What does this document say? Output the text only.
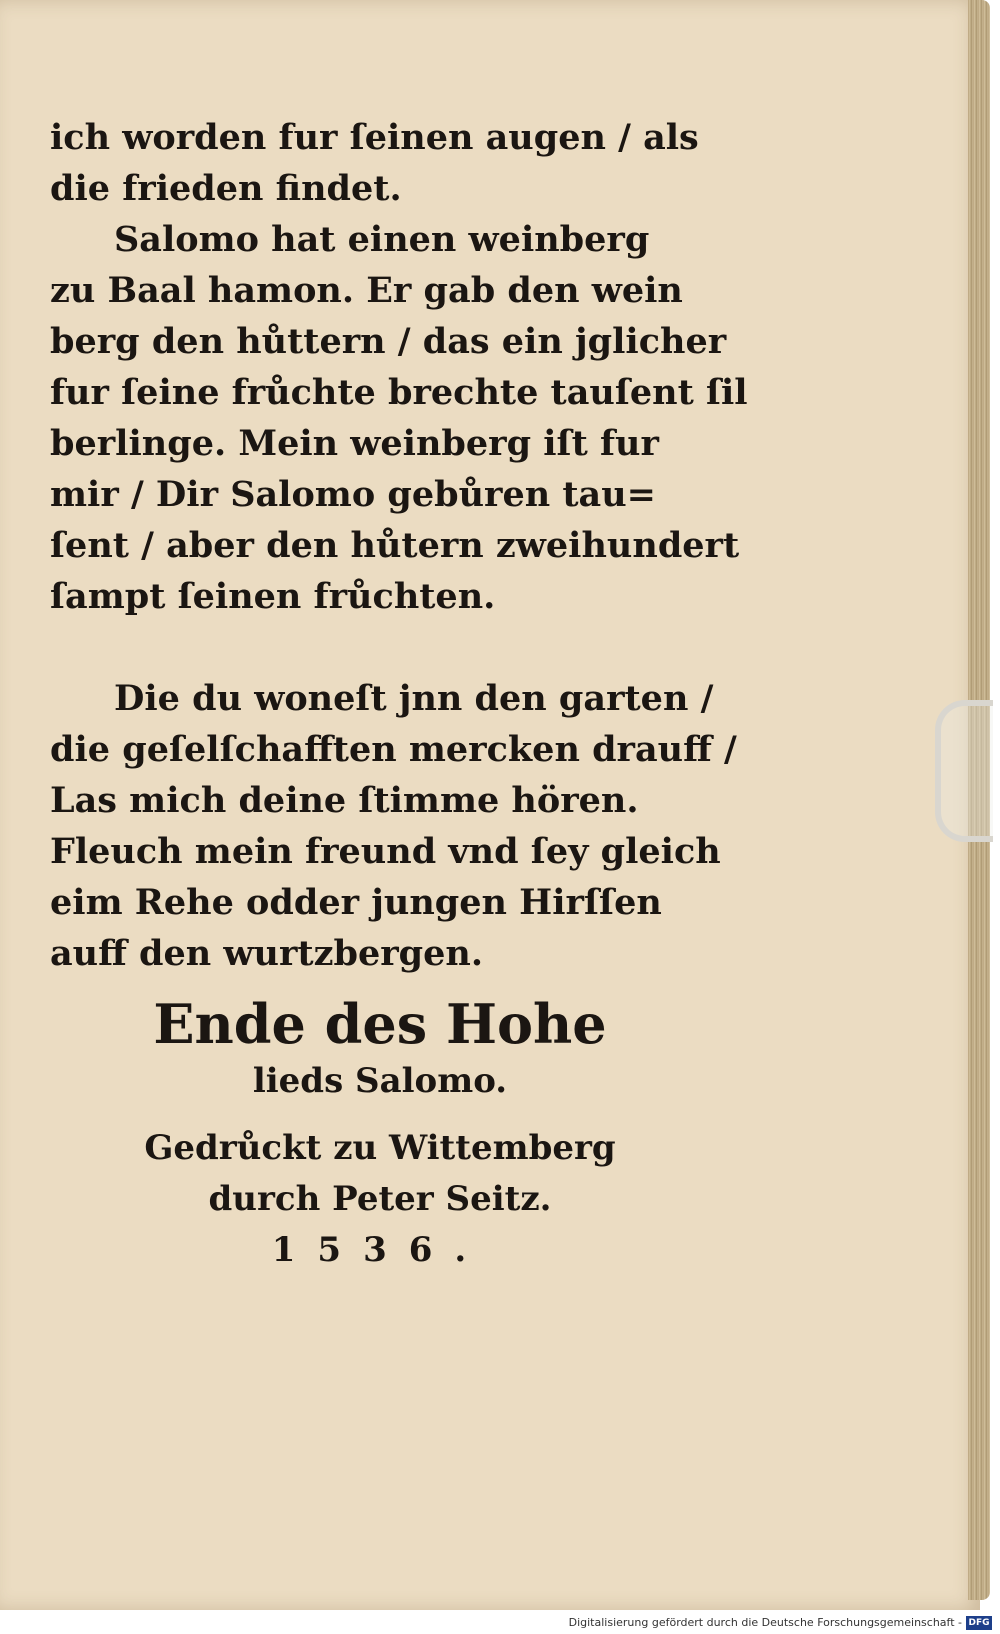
ich worden fur ſeinen augen / als
die frieden findet.

Salomo hat einen weinberg
zu Baal hamon. Er gab den wein
berg den hůttern / das ein jglicher
fur ſeine frůchte brechte tauſent ſil
berlinge. Mein weinberg iſt fur
mir / Dir Salomo gebůren tau=
ſent / aber den hůtern zweihundert
ſampt ſeinen frůchten.

Die du woneſt jnn den garten /
die geſelſchafften mercken drauff /
Las mich deine ſtimme hören.
Fleuch mein freund vnd ſey gleich
eim Rehe odder jungen Hirſſen
auff den wurtzbergen.

Ende des Hohe
lieds Salomo.
Gedrůckt zu Wittemberg
durch Peter Seitz.
1536.
Digitalisierung gefördert durch die Deutsche Forschungsgemeinschaft - DFG
